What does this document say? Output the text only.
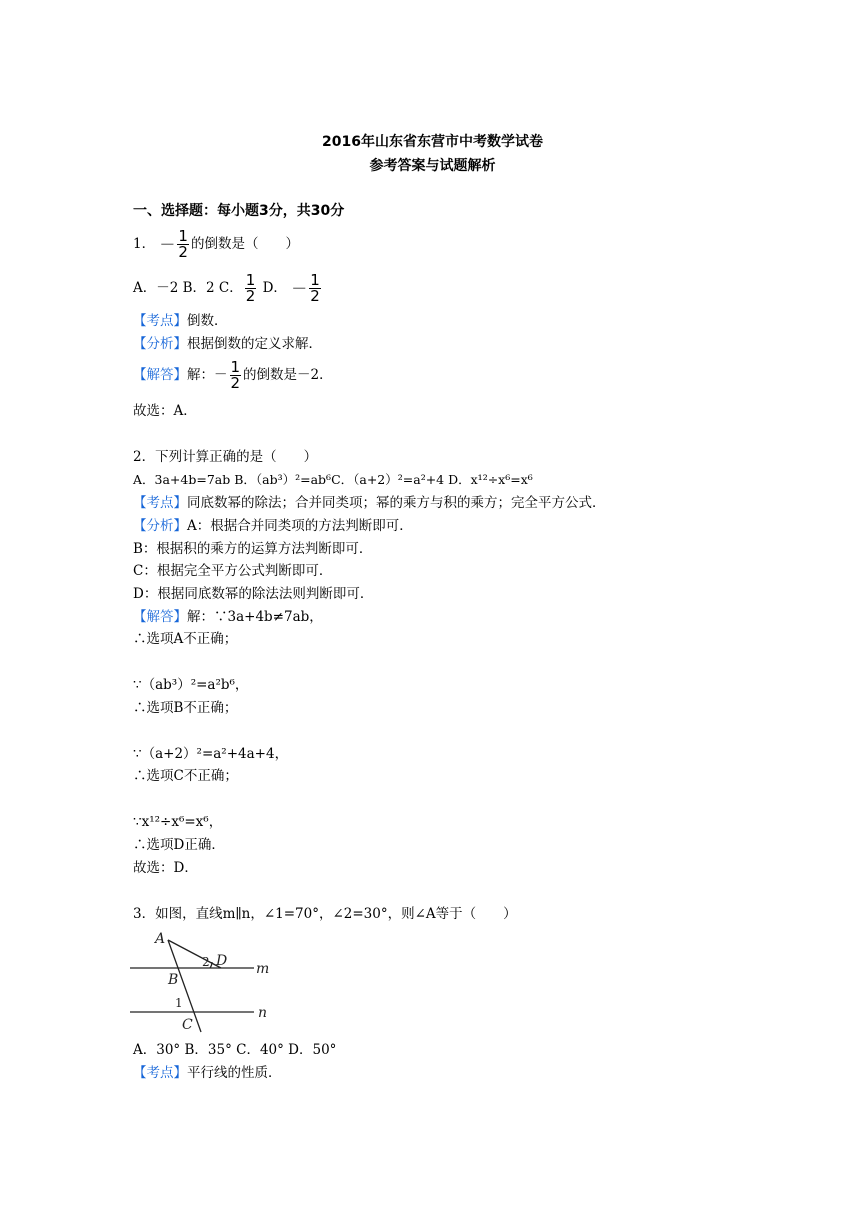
2016年山东省东营市中考数学试卷
参考答案与试题解析
一、选择题：每小题3分，共30分
1． － $\frac{1}{2}$ 的倒数是（　　）
A．－2 B．2 C． $\frac{1}{2}$ D． － $\frac{1}{2}$
【考点】倒数．
【分析】根据倒数的定义求解．
【解答】解：－ $\frac{1}{2}$ 的倒数是－2．
故选：A．
2．下列计算正确的是（　　）
A．3a+4b=7ab B．（ab³）²=ab⁶C．（a+2）²=a²+4 D．x¹²÷x⁶=x⁶
【考点】同底数幂的除法；合并同类项；幂的乘方与积的乘方；完全平方公式．
【分析】A：根据合并同类项的方法判断即可．
B：根据积的乘方的运算方法判断即可．
C：根据完全平方公式判断即可．
D：根据同底数幂的除法法则判断即可．
【解答】解：∵3a+4b≠7ab，
∴选项A不正确；
∵（ab³）²=a²b⁶，
∴选项B不正确；
∵（a+2）²=a²+4a+4，
∴选项C不正确；
∵x¹²÷x⁶=x⁶，
∴选项D正确．
故选：D．
3．如图，直线m∥n，∠1=70°，∠2=30°，则∠A等于（　　）
A
B
C
D m
n
1
2
A．30° B．35° C．40° D．50°
【考点】平行线的性质．
